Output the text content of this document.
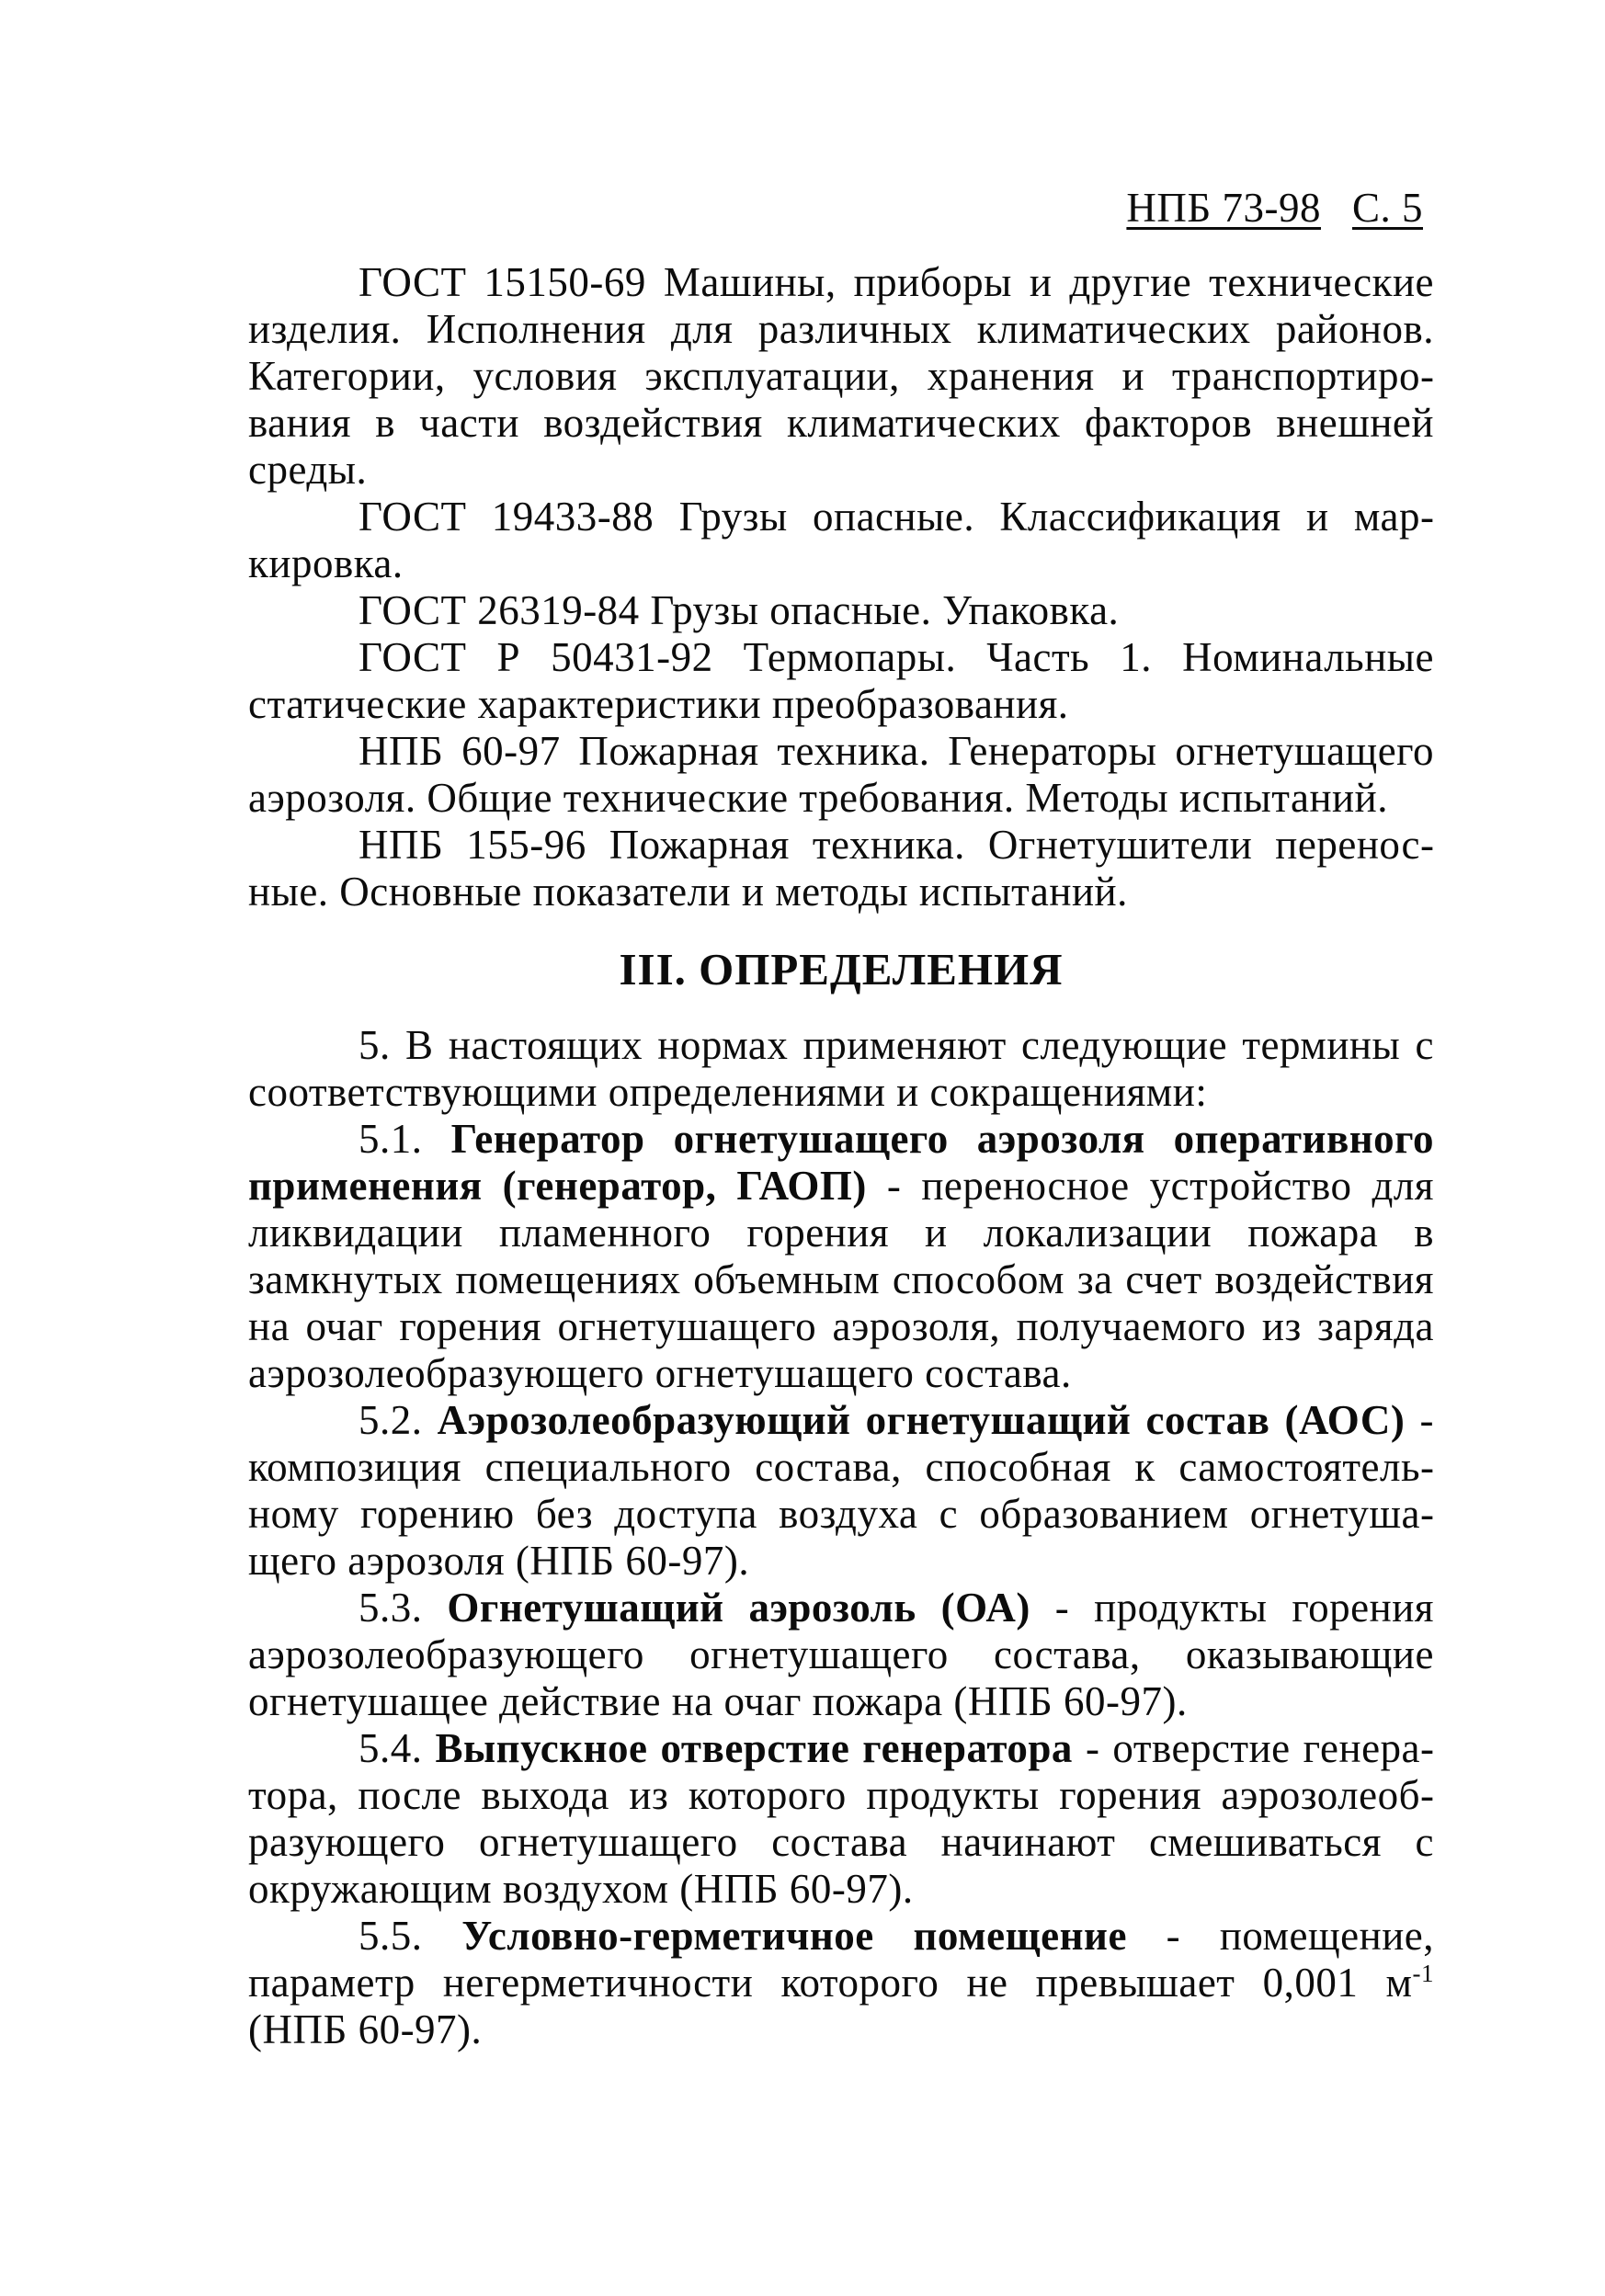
НПБ 73-98 С. 5

ГОСТ 15150-69 Машины, приборы и другие технические изделия. Исполнения для различных климатических районов. Категории, условия эксплуатации, хранения и транспортирования в части воздействия климатических факторов внешней среды.

ГОСТ 19433-88 Грузы опасные. Классификация и маркировка.

ГОСТ 26319-84 Грузы опасные. Упаковка.

ГОСТ Р 50431-92 Термопары. Часть 1. Номинальные статические характеристики преобразования.

НПБ 60-97 Пожарная техника. Генераторы огнетушащего аэрозоля. Общие технические требования. Методы испытаний.

НПБ 155-96 Пожарная техника. Огнетушители переносные. Основные показатели и методы испытаний.

III. ОПРЕДЕЛЕНИЯ

5. В настоящих нормах применяют следующие термины с соответствующими определениями и сокращениями:

5.1. Генератор огнетушащего аэрозоля оперативного применения (генератор, ГАОП) - переносное устройство для ликвидации пламенного горения и локализации пожара в замкнутых помещениях объемным способом за счет воздействия на очаг горения огнетушащего аэрозоля, получаемого из заряда аэрозолеобразующего огнетушащего состава.

5.2. Аэрозолеобразующий огнетушащий состав (АОС) - композиция специального состава, способная к самостоятельному горению без доступа воздуха с образованием огнетушащего аэрозоля (НПБ 60-97).

5.3. Огнетушащий аэрозоль (ОА) - продукты горения аэрозолеобразующего огнетушащего состава, оказывающие огнетушащее действие на очаг пожара (НПБ 60-97).

5.4. Выпускное отверстие генератора - отверстие генератора, после выхода из которого продукты горения аэрозолеобразующего огнетушащего состава начинают смешиваться с окружающим воздухом (НПБ 60-97).

5.5. Условно-герметичное помещение - помещение, параметр негерметичности которого не превышает 0,001 $м^{-1}$ (НПБ 60-97).
